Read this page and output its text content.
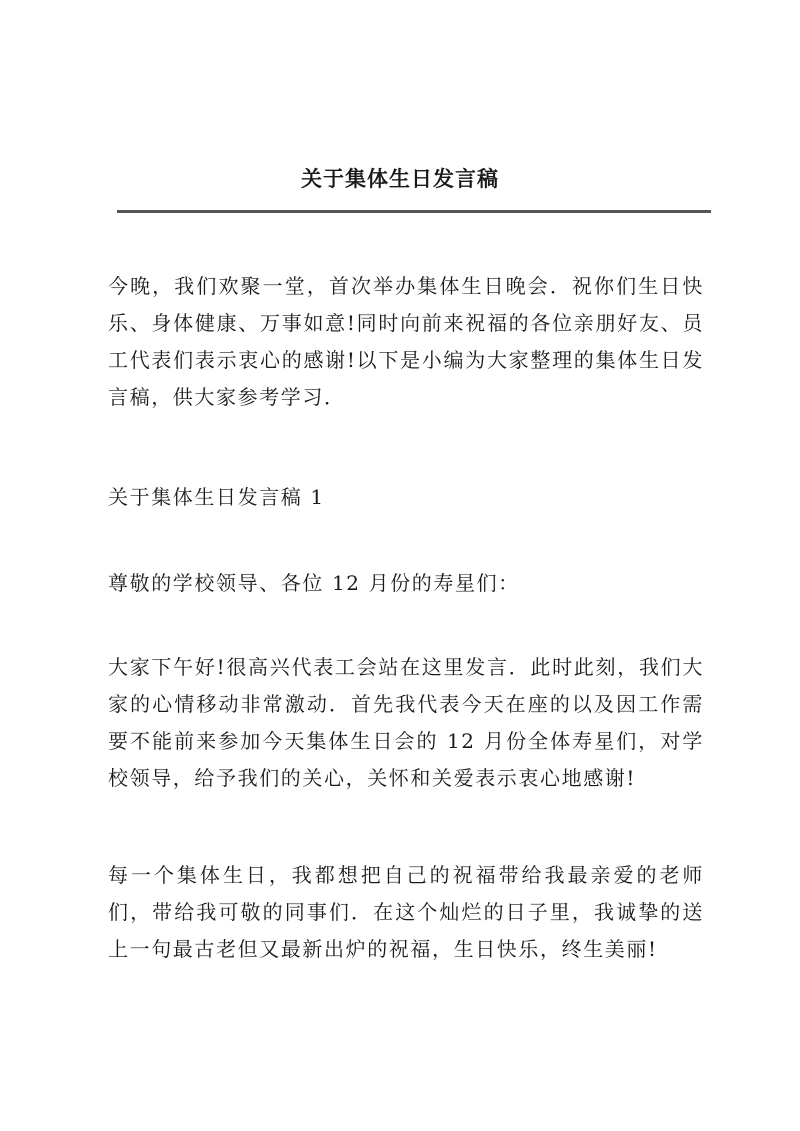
关于集体生日发言稿

今晚，我们欢聚一堂，首次举办集体生日晚会．祝你们生日快乐、身体健康、万事如意!同时向前来祝福的各位亲朋好友、员工代表们表示衷心的感谢!以下是小编为大家整理的集体生日发言稿，供大家参考学习．

关于集体生日发言稿 1

尊敬的学校领导、各位 12 月份的寿星们：

大家下午好!很高兴代表工会站在这里发言．此时此刻，我们大家的心情移动非常激动．首先我代表今天在座的以及因工作需要不能前来参加今天集体生日会的 12 月份全体寿星们，对学校领导，给予我们的关心，关怀和关爱表示衷心地感谢!

每一个集体生日，我都想把自己的祝福带给我最亲爱的老师们，带给我可敬的同事们．在这个灿烂的日子里，我诚挚的送上一句最古老但又最新出炉的祝福，生日快乐，终生美丽!
